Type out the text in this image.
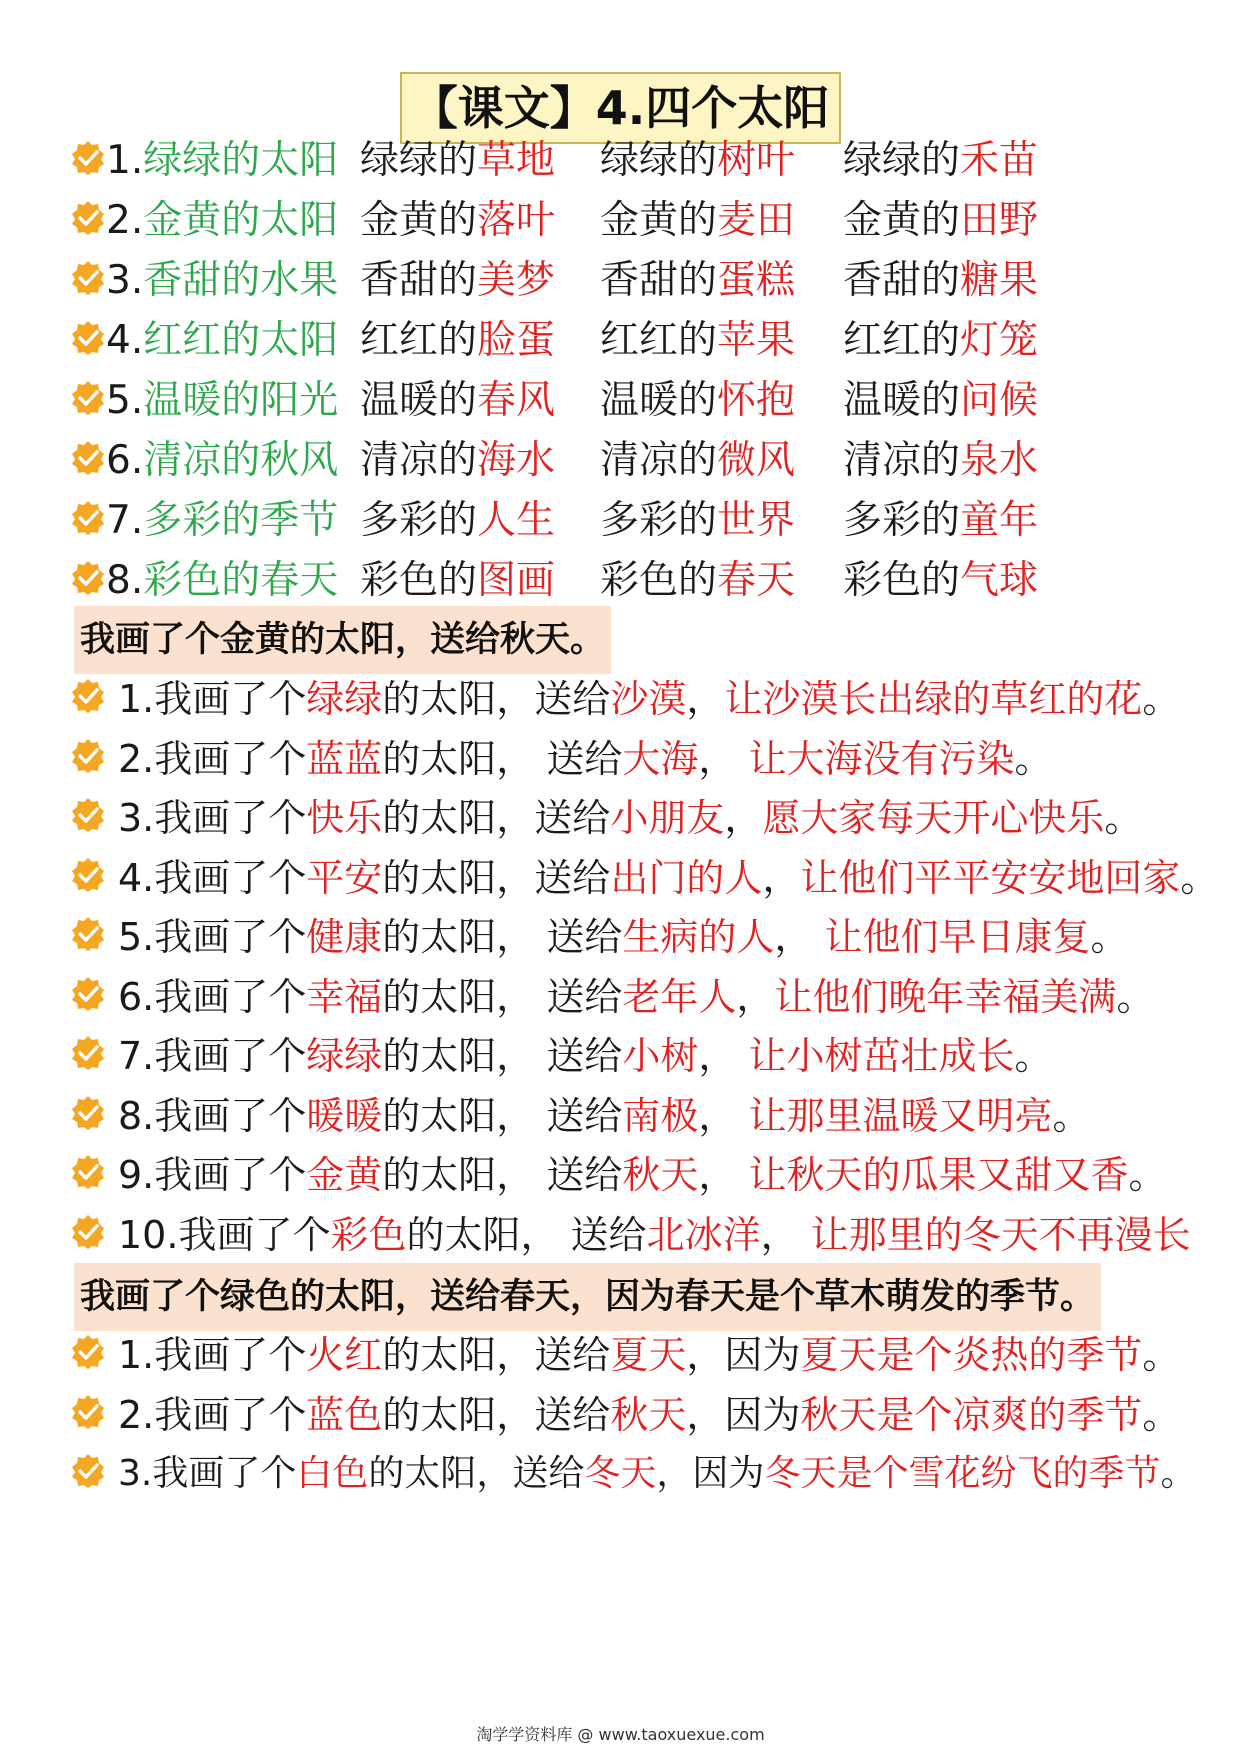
【课文】4.四个太阳
1.绿绿的太阳 绿绿的草地 绿绿的树叶 绿绿的禾苗
2.金黄的太阳 金黄的落叶 金黄的麦田 金黄的田野
3.香甜的水果 香甜的美梦 香甜的蛋糕 香甜的糖果
4.红红的太阳 红红的脸蛋 红红的苹果 红红的灯笼
5.温暖的阳光 温暖的春风 温暖的怀抱 温暖的问候
6.清凉的秋风 清凉的海水 清凉的微风 清凉的泉水
7.多彩的季节 多彩的人生 多彩的世界 多彩的童年
8.彩色的春天 彩色的图画 彩色的春天 彩色的气球
我画了个金黄的太阳，送给秋天。
1.我画了个绿绿的太阳，送给沙漠，让沙漠长出绿的草红的花。
2.我画了个蓝蓝的太阳， 送给大海， 让大海没有污染。
3.我画了个快乐的太阳，送给小朋友，愿大家每天开心快乐。
4.我画了个平安的太阳，送给出门的人，让他们平平安安地回家。
5.我画了个健康的太阳， 送给生病的人， 让他们早日康复。
6.我画了个幸福的太阳， 送给老年人，让他们晚年幸福美满。
7.我画了个绿绿的太阳， 送给小树， 让小树茁壮成长。
8.我画了个暖暖的太阳， 送给南极， 让那里温暖又明亮。
9.我画了个金黄的太阳， 送给秋天， 让秋天的瓜果又甜又香。
10.我画了个彩色的太阳， 送给北冰洋， 让那里的冬天不再漫长
我画了个绿色的太阳，送给春天，因为春天是个草木萌发的季节。
1.我画了个火红的太阳，送给夏天，因为夏天是个炎热的季节。
2.我画了个蓝色的太阳，送给秋天，因为秋天是个凉爽的季节。
3.我画了个白色的太阳，送给冬天，因为冬天是个雪花纷飞的季节。
淘学学资料库 @ www.taoxuexue.com
